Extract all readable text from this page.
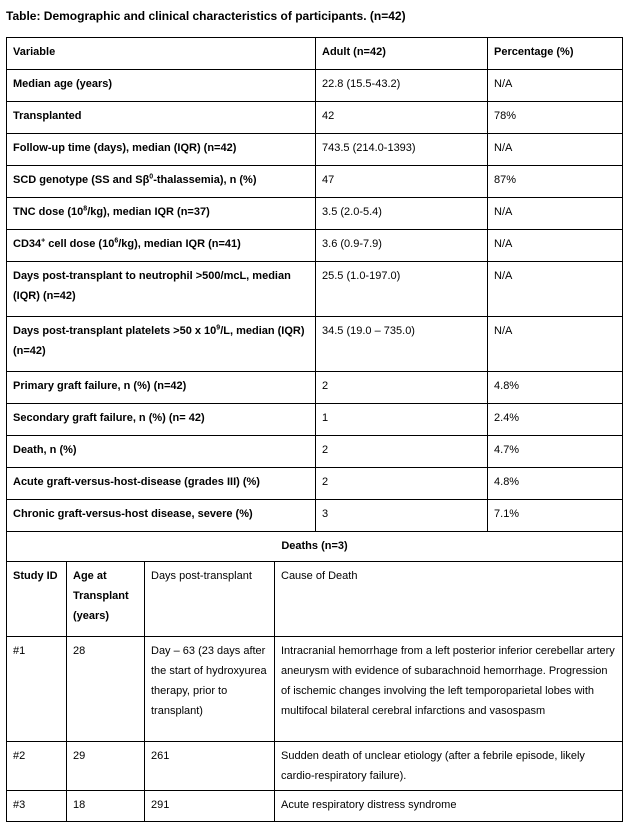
Table: Demographic and clinical characteristics of participants. (n=42)
Variable				Adult (n=42)	Percentage (%)
Median age (years)				22.8 (15.5-43.2)	N/A
Transplanted				42	78%
Follow-up time (days), median (IQR) (n=42)				743.5 (214.0-1393)	N/A
SCD genotype (SS and $S\beta^0-thalassemia$), n (%)				47	87%
TNC dose $(10^8/kg)$, median IQR (n=37)				3.5 (2.0-5.4)	N/A
CD34+ cell dose $(10^6/kg)$, median IQR (n=41)				3.6 (0.9-7.9)	N/A
Days post-transplant to neutrophil >500/mcL, median (IQR) (n=42)				25.5 (1.0-197.0)	N/A
Days post-transplant platelets >50 x $10^9/L$, median (IQR) (n=42)				34.5 (19.0 – 735.0)	N/A
Primary graft failure, n (%) (n=42)				2	4.8%
Secondary graft failure, n (%) (n= 42)				1	2.4%
Death, n (%)				2	4.7%
Acute graft-versus-host-disease (grades III) (%)				2	4.8%
Chronic graft-versus-host disease, severe (%)				3	7.1%
Deaths (n=3)					
Study ID	Age at Transplant (years)	Days post-transplant	Cause of Death		
#1	28	Day – 63 (23 days after the start of hydroxyurea therapy, prior to transplant)	Intracranial hemorrhage from a left posterior inferior cerebellar artery aneurysm with evidence of subarachnoid hemorrhage. Progression of ischemic changes involving the left temporoparietal lobes with multifocal bilateral cerebral infarctions and vasospasm		
#2	29	261	Sudden death of unclear etiology (after a febrile episode, likely cardio-respiratory failure).		
#3	18	291	Acute respiratory distress syndrome		
